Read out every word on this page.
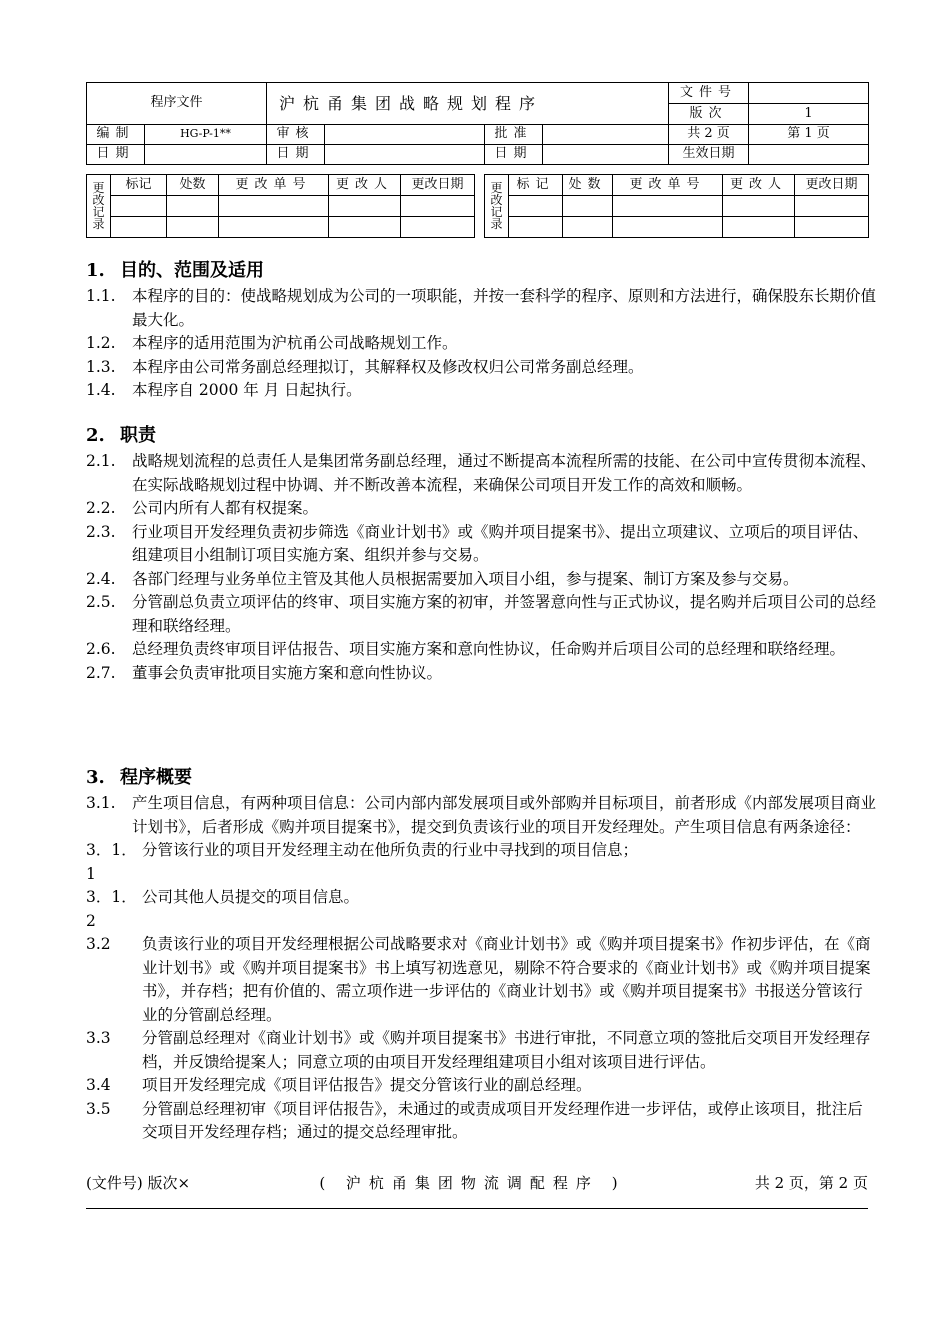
程序文件	沪杭甬集团战略规划程序	文件号	
		版次	1
编制	HG-P-1**	审核		批准		共 2 页	第 1 页
日期		日期		日期		生效日期	
更改记录	标记	处数	更改单号	更改人	更改日期

				更改记录	标记	处数	更改单号	更改人	更改日期

1. 目的、范围及适用
1.1.	本程序的目的：使战略规划成为公司的一项职能，并按一套科学的程序、原则和方法进行，确保股东长期价值最大化。
1.2.	本程序的适用范围为沪杭甬公司战略规划工作。
1.3.	本程序由公司常务副总经理拟订，其解释权及修改权归公司常务副总经理。
1.4.	本程序自 2000 年 月 日起执行。
2. 职责
2.1.	战略规划流程的总责任人是集团常务副总经理，通过不断提高本流程所需的技能、在公司中宣传贯彻本流程、在实际战略规划过程中协调、并不断改善本流程，来确保公司项目开发工作的高效和顺畅。
2.2.	公司内所有人都有权提案。
2.3.	行业项目开发经理负责初步筛选《商业计划书》或《购并项目提案书》、提出立项建议、立项后的项目评估、组建项目小组制订项目实施方案、组织并参与交易。
2.4.	各部门经理与业务单位主管及其他人员根据需要加入项目小组，参与提案、制订方案及参与交易。
2.5.	分管副总负责立项评估的终审、项目实施方案的初审，并签署意向性与正式协议，提名购并后项目公司的总经理和联络经理。
2.6.	总经理负责终审项目评估报告、项目实施方案和意向性协议，任命购并后项目公司的总经理和联络经理。
2.7.	董事会负责审批项目实施方案和意向性协议。
3. 程序概要
3.1.	产生项目信息，有两种项目信息：公司内部内部发展项目或外部购并目标项目，前者形成《内部发展项目商业计划书》，后者形成《购并项目提案书》，提交到负责该行业的项目开发经理处。产生项目信息有两条途径：
3．1．1
分管该行业的项目开发经理主动在他所负责的行业中寻找到的项目信息；
3．1．2
公司其他人员提交的项目信息。
3.2	负责该行业的项目开发经理根据公司战略要求对《商业计划书》或《购并项目提案书》作初步评估，在《商业计划书》或《购并项目提案书》书上填写初选意见，剔除不符合要求的《商业计划书》或《购并项目提案书》，并存档；把有价值的、需立项作进一步评估的《商业计划书》或《购并项目提案书》书报送分管该行业的分管副总经理。
3.3	分管副总经理对《商业计划书》或《购并项目提案书》书进行审批，不同意立项的签批后交项目开发经理存档，并反馈给提案人；同意立项的由项目开发经理组建项目小组对该项目进行评估。
3.4	项目开发经理完成《项目评估报告》提交分管该行业的副总经理。
3.5	分管副总经理初审《项目评估报告》，未通过的或责成项目开发经理作进一步评估，或停止该项目，批注后交项目开发经理存档；通过的提交总经理审批。
(文件号) 版次×	( 沪杭甬集团物流调配程序 )	共 2 页，第 2 页
